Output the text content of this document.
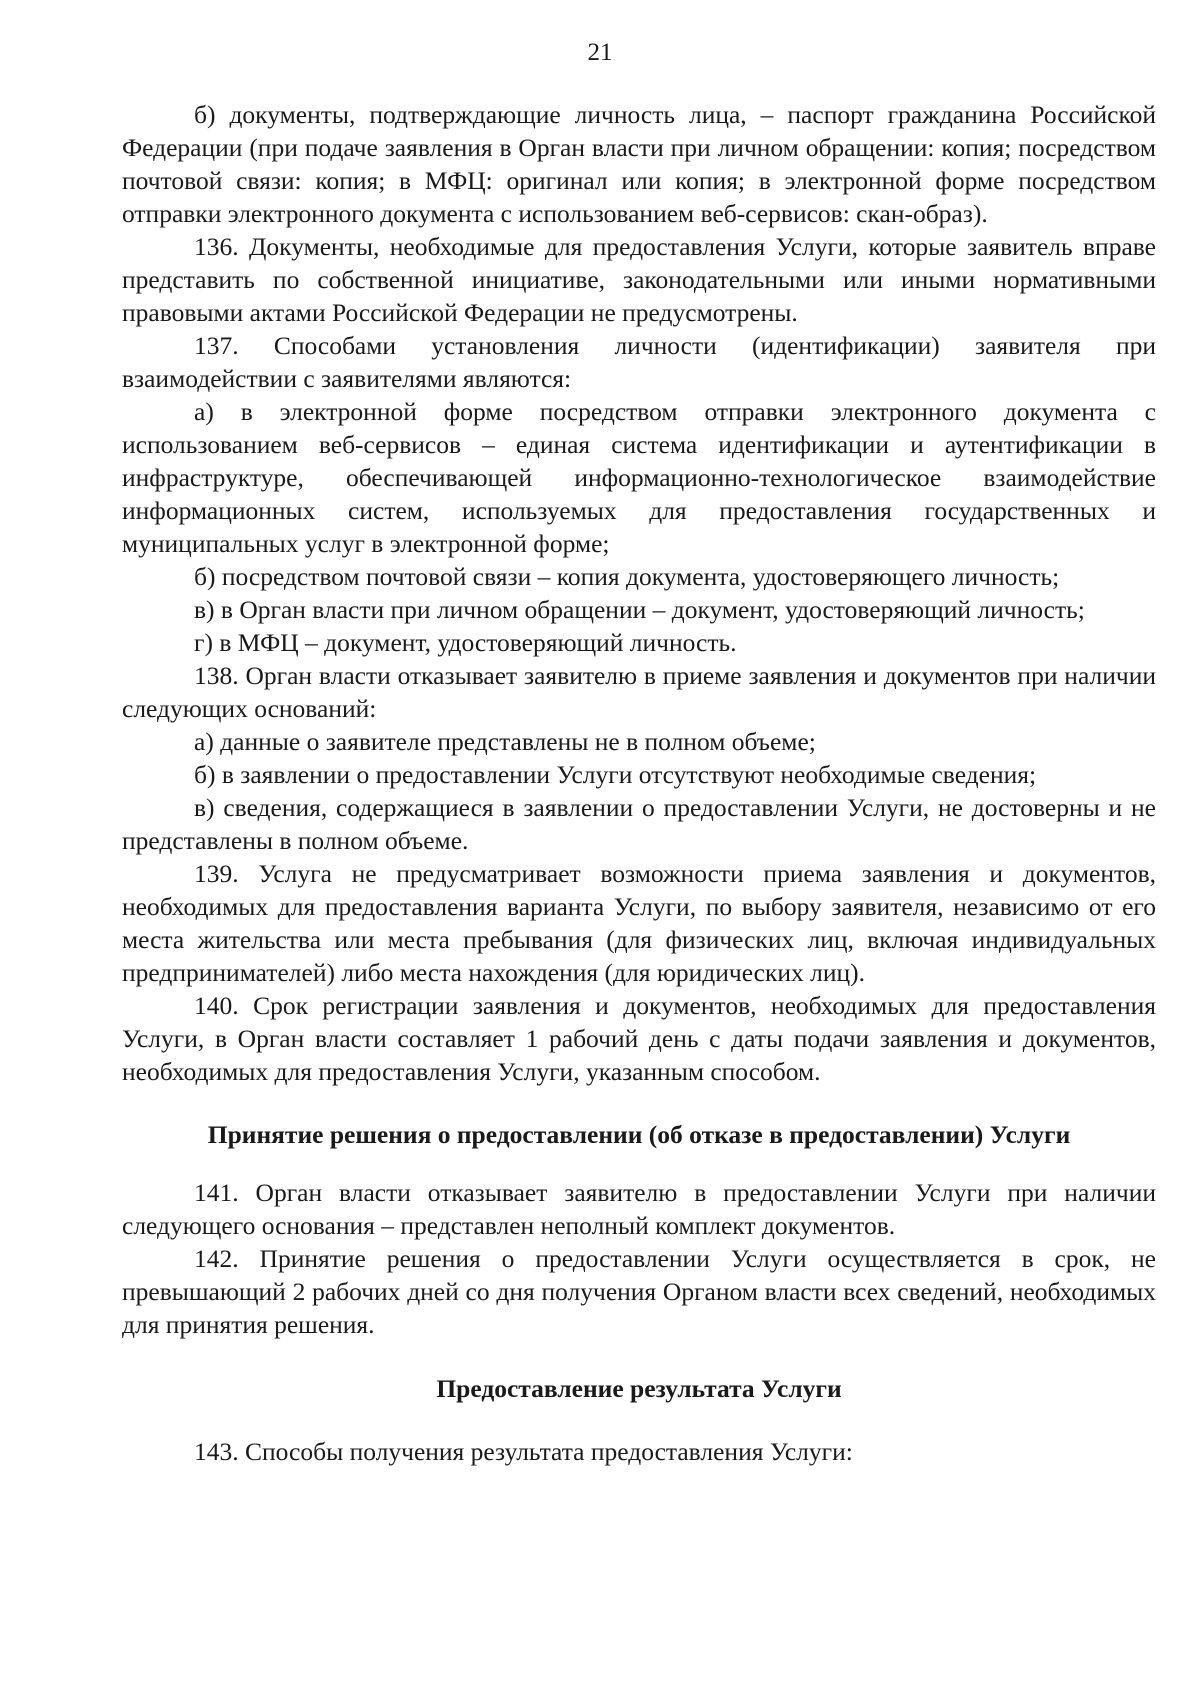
21

б) документы, подтверждающие личность лица, – паспорт гражданина Российской Федерации (при подаче заявления в Орган власти при личном обращении: копия; посредством почтовой связи: копия; в МФЦ: оригинал или копия; в электронной форме посредством отправки электронного документа с использованием веб-сервисов: скан-образ).

136. Документы, необходимые для предоставления Услуги, которые заявитель вправе представить по собственной инициативе, законодательными или иными нормативными правовыми актами Российской Федерации не предусмотрены.

137. Способами установления личности (идентификации) заявителя при взаимодействии с заявителями являются:

а) в электронной форме посредством отправки электронного документа с использованием веб-сервисов – единая система идентификации и аутентификации в инфраструктуре, обеспечивающей информационно-технологическое взаимодействие информационных систем, используемых для предоставления государственных и муниципальных услуг в электронной форме;

б) посредством почтовой связи – копия документа, удостоверяющего личность;

в) в Орган власти при личном обращении – документ, удостоверяющий личность;

г) в МФЦ – документ, удостоверяющий личность.

138. Орган власти отказывает заявителю в приеме заявления и документов при наличии следующих оснований:

а) данные о заявителе представлены не в полном объеме;

б) в заявлении о предоставлении Услуги отсутствуют необходимые сведения;

в) сведения, содержащиеся в заявлении о предоставлении Услуги, не достоверны и не представлены в полном объеме.

139. Услуга не предусматривает возможности приема заявления и документов, необходимых для предоставления варианта Услуги, по выбору заявителя, независимо от его места жительства или места пребывания (для физических лиц, включая индивидуальных предпринимателей) либо места нахождения (для юридических лиц).

140. Срок регистрации заявления и документов, необходимых для предоставления Услуги, в Орган власти составляет 1 рабочий день с даты подачи заявления и документов, необходимых для предоставления Услуги, указанным способом.

Принятие решения о предоставлении (об отказе в предоставлении) Услуги

141. Орган власти отказывает заявителю в предоставлении Услуги при наличии следующего основания – представлен неполный комплект документов.

142. Принятие решения о предоставлении Услуги осуществляется в срок, не превышающий 2 рабочих дней со дня получения Органом власти всех сведений, необходимых для принятия решения.

Предоставление результата Услуги

143. Способы получения результата предоставления Услуги:
